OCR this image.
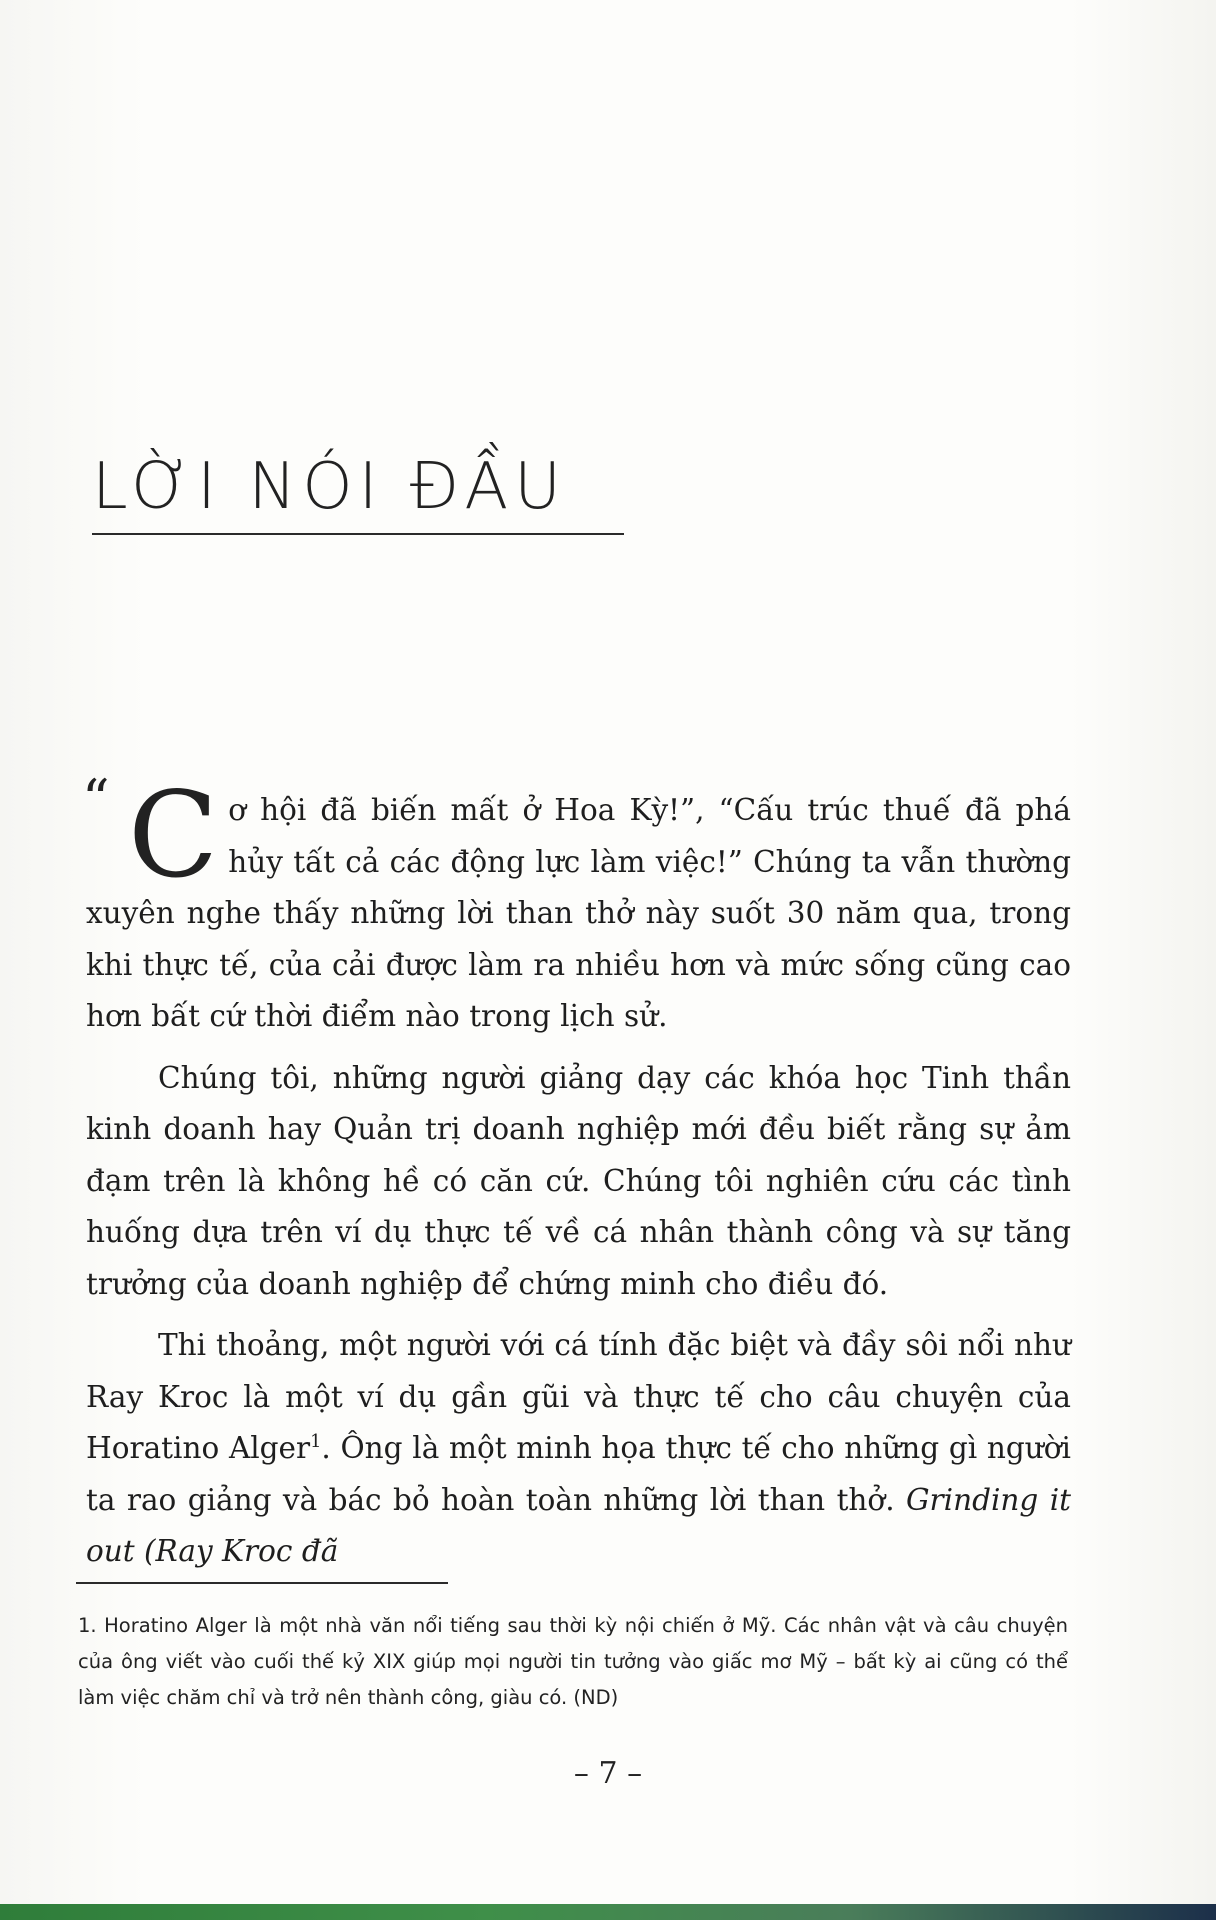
LỜI NÓI ĐẦU

“ C ơ hội đã biến mất ở Hoa Kỳ!”, “Cấu trúc thuế đã phá hủy tất cả các động lực làm việc!” Chúng ta vẫn thường xuyên nghe thấy những lời than thở này suốt 30 năm qua, trong khi thực tế, của cải được làm ra nhiều hơn và mức sống cũng cao hơn bất cứ thời điểm nào trong lịch sử.

Chúng tôi, những người giảng dạy các khóa học Tinh thần kinh doanh hay Quản trị doanh nghiệp mới đều biết rằng sự ảm đạm trên là không hề có căn cứ. Chúng tôi nghiên cứu các tình huống dựa trên ví dụ thực tế về cá nhân thành công và sự tăng trưởng của doanh nghiệp để chứng minh cho điều đó.

Thi thoảng, một người với cá tính đặc biệt và đầy sôi nổi như Ray Kroc là một ví dụ gần gũi và thực tế cho câu chuyện của Horatino Alger$^1$. Ông là một minh họa thực tế cho những gì người ta rao giảng và bác bỏ hoàn toàn những lời than thở. Grinding it out (Ray Kroc đã

1. Horatino Alger là một nhà văn nổi tiếng sau thời kỳ nội chiến ở Mỹ. Các nhân vật và câu chuyện của ông viết vào cuối thế kỷ XIX giúp mọi người tin tưởng vào giấc mơ Mỹ – bất kỳ ai cũng có thể làm việc chăm chỉ và trở nên thành công, giàu có. (ND)
– 7 –
